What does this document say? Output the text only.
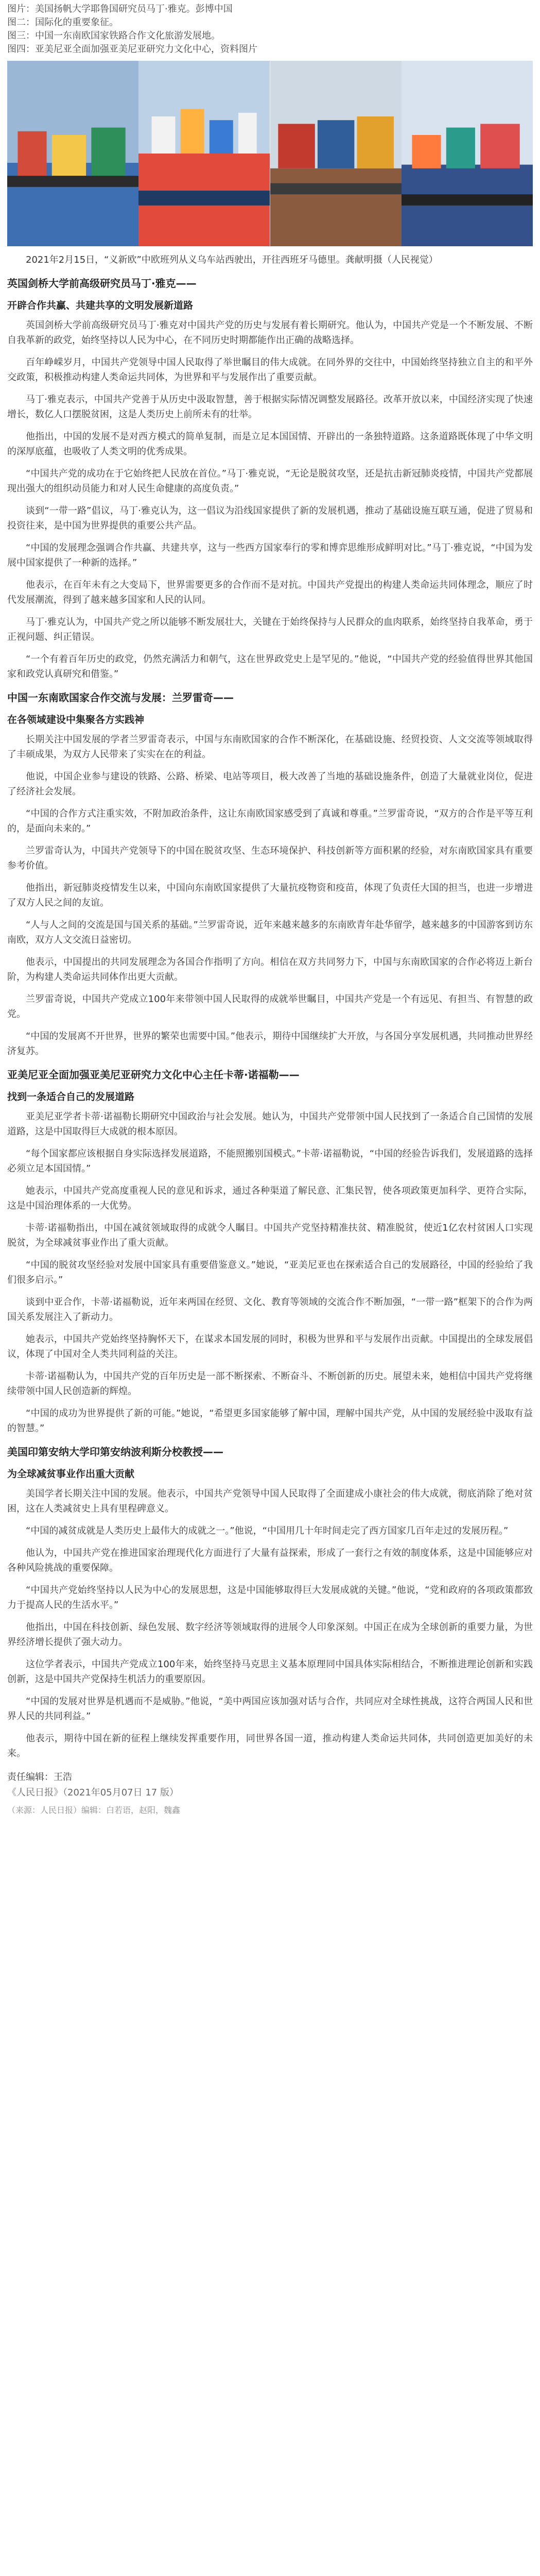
图片：美国扬帆大学耶鲁国研究员马丁·雅克。彭博中国
图二：国际化的重要象征。
图三：中国一东南欧国家铁路合作文化旅游发展地。
图四：亚美尼亚全面加强亚美尼亚研究力文化中心，资料图片

2021年2月15日，“义新欧”中欧班列从义乌车站西驶出，开往西班牙马德里。龚献明摄（人民视觉）

英国剑桥大学前高级研究员马丁·雅克——
开辟合作共赢、共建共享的文明发展新道路

英国剑桥大学前高级研究员马丁·雅克对中国共产党的历史与发展有着长期研究。他认为，中国共产党是一个不断发展、不断自我革新的政党，始终坚持以人民为中心，在不同历史时期都能作出正确的战略选择。

百年峥嵘岁月，中国共产党领导中国人民取得了举世瞩目的伟大成就。在同外界的交往中，中国始终坚持独立自主的和平外交政策，积极推动构建人类命运共同体，为世界和平与发展作出了重要贡献。

马丁·雅克表示，中国共产党善于从历史中汲取智慧，善于根据实际情况调整发展路径。改革开放以来，中国经济实现了快速增长，数亿人口摆脱贫困，这是人类历史上前所未有的壮举。

他指出，中国的发展不是对西方模式的简单复制，而是立足本国国情、开辟出的一条独特道路。这条道路既体现了中华文明的深厚底蕴，也吸收了人类文明的优秀成果。

“中国共产党的成功在于它始终把人民放在首位。”马丁·雅克说，“无论是脱贫攻坚，还是抗击新冠肺炎疫情，中国共产党都展现出强大的组织动员能力和对人民生命健康的高度负责。”

谈到“一带一路”倡议，马丁·雅克认为，这一倡议为沿线国家提供了新的发展机遇，推动了基础设施互联互通，促进了贸易和投资往来，是中国为世界提供的重要公共产品。

“中国的发展理念强调合作共赢、共建共享，这与一些西方国家奉行的零和博弈思维形成鲜明对比。”马丁·雅克说，“中国为发展中国家提供了一种新的选择。”

他表示，在百年未有之大变局下，世界需要更多的合作而不是对抗。中国共产党提出的构建人类命运共同体理念，顺应了时代发展潮流，得到了越来越多国家和人民的认同。

马丁·雅克认为，中国共产党之所以能够不断发展壮大，关键在于始终保持与人民群众的血肉联系，始终坚持自我革命，勇于正视问题、纠正错误。

“一个有着百年历史的政党，仍然充满活力和朝气，这在世界政党史上是罕见的。”他说，“中国共产党的经验值得世界其他国家和政党认真研究和借鉴。”

中国一东南欧国家合作交流与发展：兰罗雷奇——
在各领域建设中集聚各方实践神

长期关注中国发展的学者兰罗雷奇表示，中国与东南欧国家的合作不断深化，在基础设施、经贸投资、人文交流等领域取得了丰硕成果，为双方人民带来了实实在在的利益。

他说，中国企业参与建设的铁路、公路、桥梁、电站等项目，极大改善了当地的基础设施条件，创造了大量就业岗位，促进了经济社会发展。

“中国的合作方式注重实效，不附加政治条件，这让东南欧国家感受到了真诚和尊重。”兰罗雷奇说，“双方的合作是平等互利的，是面向未来的。”

兰罗雷奇认为，中国共产党领导下的中国在脱贫攻坚、生态环境保护、科技创新等方面积累的经验，对东南欧国家具有重要参考价值。

他指出，新冠肺炎疫情发生以来，中国向东南欧国家提供了大量抗疫物资和疫苗，体现了负责任大国的担当，也进一步增进了双方人民之间的友谊。

“人与人之间的交流是国与国关系的基础。”兰罗雷奇说，近年来越来越多的东南欧青年赴华留学，越来越多的中国游客到访东南欧，双方人文交流日益密切。

他表示，中国提出的共同发展理念为各国合作指明了方向。相信在双方共同努力下，中国与东南欧国家的合作必将迈上新台阶，为构建人类命运共同体作出更大贡献。

兰罗雷奇说，中国共产党成立100年来带领中国人民取得的成就举世瞩目，中国共产党是一个有远见、有担当、有智慧的政党。

“中国的发展离不开世界，世界的繁荣也需要中国。”他表示，期待中国继续扩大开放，与各国分享发展机遇，共同推动世界经济复苏。

亚美尼亚全面加强亚美尼亚研究力文化中心主任卡蒂·诺福勒——
找到一条适合自己的发展道路

亚美尼亚学者卡蒂·诺福勒长期研究中国政治与社会发展。她认为，中国共产党带领中国人民找到了一条适合自己国情的发展道路，这是中国取得巨大成就的根本原因。

“每个国家都应该根据自身实际选择发展道路，不能照搬别国模式。”卡蒂·诺福勒说，“中国的经验告诉我们，发展道路的选择必须立足本国国情。”

她表示，中国共产党高度重视人民的意见和诉求，通过各种渠道了解民意、汇集民智，使各项政策更加科学、更符合实际，这是中国治理体系的一大优势。

卡蒂·诺福勒指出，中国在减贫领域取得的成就令人瞩目。中国共产党坚持精准扶贫、精准脱贫，使近1亿农村贫困人口实现脱贫，为全球减贫事业作出了重大贡献。

“中国的脱贫攻坚经验对发展中国家具有重要借鉴意义。”她说，“亚美尼亚也在探索适合自己的发展路径，中国的经验给了我们很多启示。”

谈到中亚合作，卡蒂·诺福勒说，近年来两国在经贸、文化、教育等领域的交流合作不断加强，“一带一路”框架下的合作为两国关系发展注入了新动力。

她表示，中国共产党始终坚持胸怀天下，在谋求本国发展的同时，积极为世界和平与发展作出贡献。中国提出的全球发展倡议，体现了中国对全人类共同利益的关注。

卡蒂·诺福勒认为，中国共产党的百年历史是一部不断探索、不断奋斗、不断创新的历史。展望未来，她相信中国共产党将继续带领中国人民创造新的辉煌。

“中国的成功为世界提供了新的可能。”她说，“希望更多国家能够了解中国，理解中国共产党，从中国的发展经验中汲取有益的智慧。”

美国印第安纳大学印第安纳波利斯分校教授——
为全球减贫事业作出重大贡献

美国学者长期关注中国的发展。他表示，中国共产党领导中国人民取得了全面建成小康社会的伟大成就，彻底消除了绝对贫困，这在人类减贫史上具有里程碑意义。

“中国的减贫成就是人类历史上最伟大的成就之一。”他说，“中国用几十年时间走完了西方国家几百年走过的发展历程。”

他认为，中国共产党在推进国家治理现代化方面进行了大量有益探索，形成了一套行之有效的制度体系，这是中国能够应对各种风险挑战的重要保障。

“中国共产党始终坚持以人民为中心的发展思想，这是中国能够取得巨大发展成就的关键。”他说，“党和政府的各项政策都致力于提高人民的生活水平。”

他指出，中国在科技创新、绿色发展、数字经济等领域取得的进展令人印象深刻。中国正在成为全球创新的重要力量，为世界经济增长提供了强大动力。

这位学者表示，中国共产党成立100年来，始终坚持马克思主义基本原理同中国具体实际相结合，不断推进理论创新和实践创新，这是中国共产党保持生机活力的重要原因。

“中国的发展对世界是机遇而不是威胁。”他说，“美中两国应该加强对话与合作，共同应对全球性挑战，这符合两国人民和世界人民的共同利益。”

他表示，期待中国在新的征程上继续发挥重要作用，同世界各国一道，推动构建人类命运共同体，共同创造更加美好的未来。

责任编辑：王浩
《人民日报》（2021年05月07日 17 版）
（来源：人民日报）编辑：白若语，赵阳，魏鑫
